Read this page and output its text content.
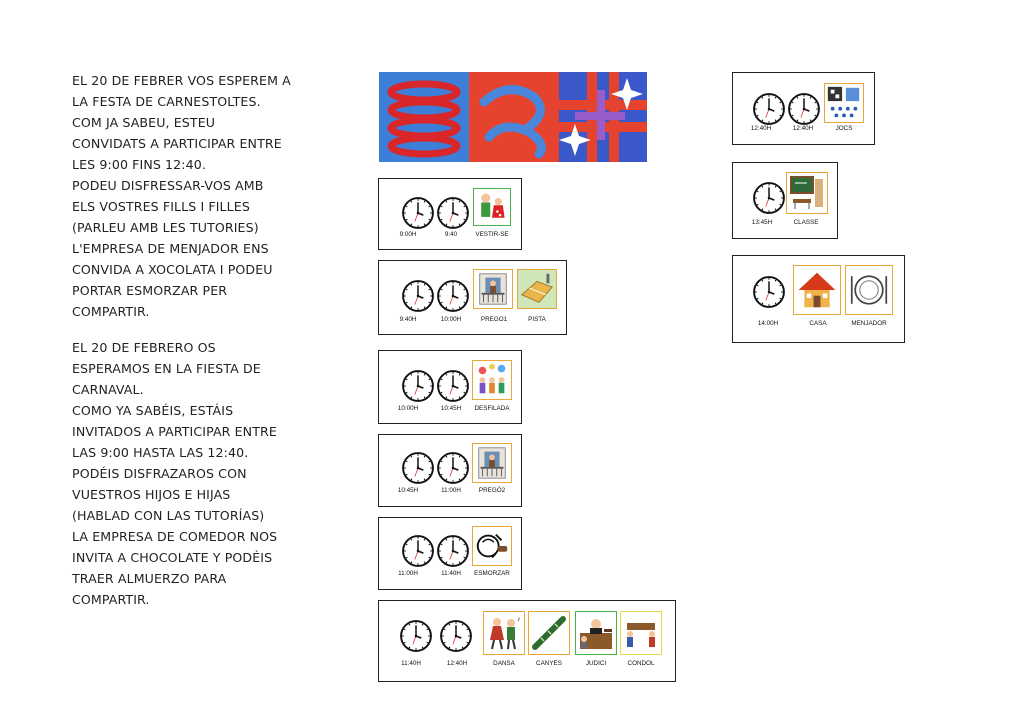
EL 20 DE FEBRER VOS ESPEREM A
LA FESTA DE CARNESTOLTES.
COM JA SABEU, ESTEU
CONVIDATS A PARTICIPAR ENTRE
LES 9:00 FINS 12:40.
PODEU DISFRESSAR-VOS AMB
ELS VOSTRES FILLS I FILLES
(PARLEU AMB LES TUTORIES)
L'EMPRESA DE MENJADOR ENS
CONVIDA A XOCOLATA I PODEU
PORTAR ESMORZAR PER
COMPARTIR.
EL 20 DE FEBRERO OS
ESPERAMOS EN LA FIESTA DE
CARNAVAL.
COMO YA SABÉIS, ESTÁIS
INVITADOS A PARTICIPAR ENTRE
LAS 9:00 HASTA LAS 12:40.
PODÉIS DISFRAZAROS CON
VUESTROS HIJOS E HIJAS
(HABLAD CON LAS TUTORÍAS)
LA EMPRESA DE COMEDOR NOS
INVITA A CHOCOLATE Y PODÉIS
TRAER ALMUERZO PARA
COMPARTIR.
9:00H	9:40	VESTIR-SE
9:40H	10:00H	PREGO1	PISTA
10:00H	10:45H	DESFILADA
10:45H	11:00H	PREGÓ2
11:00H	11:40H	ESMORZAR
♪
11:40H	12:40H	DANSA	CANYES	JUDICI	CONDOL
12:40H	12:40H	JOCS
13:45H	CLASSE
14:00H	CASA	MENJADOR
